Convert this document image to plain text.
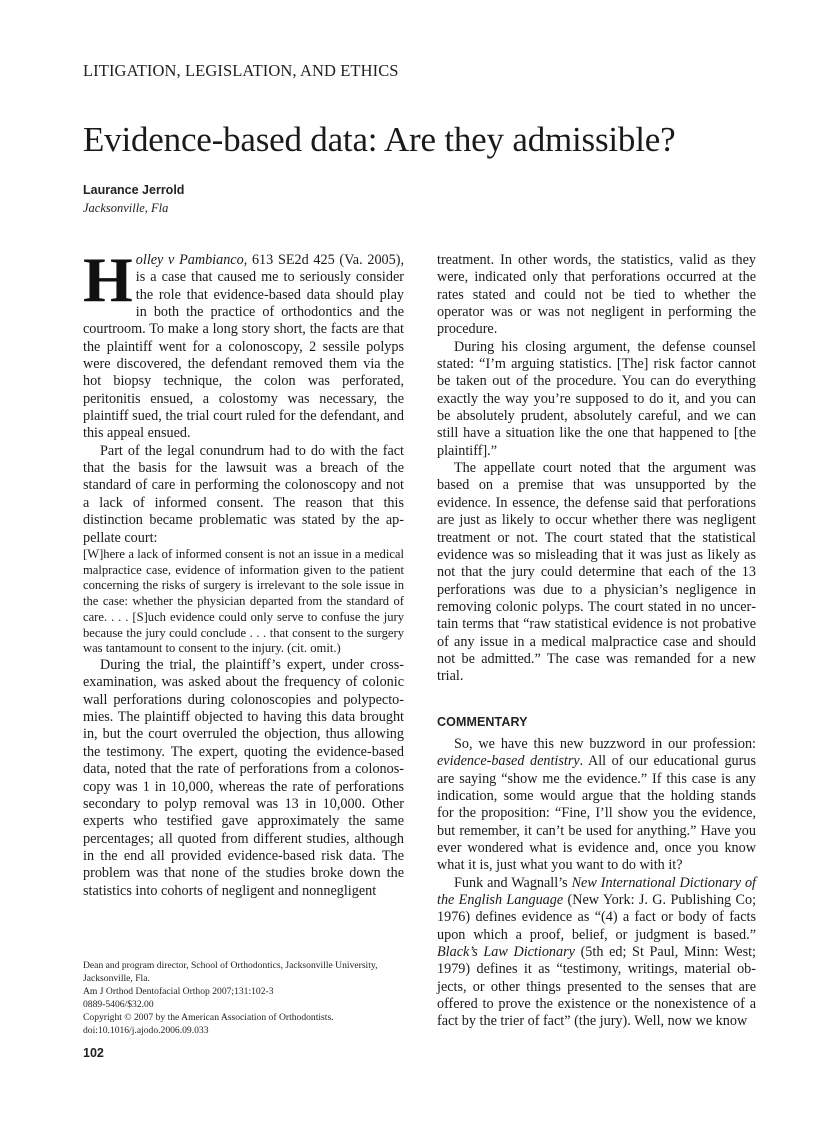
LITIGATION, LEGISLATION, AND ETHICS
Evidence-based data: Are they admissible?
Laurance Jerrold
Jacksonville, Fla

Holley v Pambianco, 613 SE2d 425 (Va. 2005), is a case that caused me to seriously consider the role that evidence-based data should play in both the practice of orthodontics and the courtroom. To make a long story short, the facts are that the plaintiff went for a colonoscopy, 2 sessile polyps were discovered, the defendant removed them via the hot biopsy technique, the colon was perforated, peritonitis ensued, a colostomy was necessary, the plaintiff sued, the trial court ruled for the defendant, and this appeal ensued.

Part of the legal conundrum had to do with the fact that the basis for the lawsuit was a breach of the standard of care in performing the colonoscopy and not a lack of informed consent. The reason that this distinction became problematic was stated by the appellate court:

[W]here a lack of informed consent is not an issue in a medical malpractice case, evidence of information given to the patient concerning the risks of surgery is irrelevant to the sole issue in the case: whether the physician departed from the standard of care. . . . [S]uch evidence could only serve to confuse the jury because the jury could conclude . . . that consent to the surgery was tantamount to consent to the injury. (cit. omit.)

During the trial, the plaintiff’s expert, under cross-examination, was asked about the frequency of colonic wall perforations during colonoscopies and polypectomies. The plaintiff objected to having this data brought in, but the court overruled the objection, thus allowing the testimony. The expert, quoting the evidence-based data, noted that the rate of perforations from a colonoscopy was 1 in 10,000, whereas the rate of perforations secondary to polyp removal was 13 in 10,000. Other experts who testified gave approximately the same percentages; all quoted from different studies, although in the end all provided evidence-based risk data. The problem was that none of the studies broke down the statistics into cohorts of negligent and nonnegligent

treatment. In other words, the statistics, valid as they were, indicated only that perforations occurred at the rates stated and could not be tied to whether the operator was or was not negligent in performing the procedure.

During his closing argument, the defense counsel stated: “I’m arguing statistics. [The] risk factor cannot be taken out of the procedure. You can do everything exactly the way you’re supposed to do it, and you can be absolutely prudent, absolutely careful, and we can still have a situation like the one that happened to [the plaintiff].”

The appellate court noted that the argument was based on a premise that was unsupported by the evidence. In essence, the defense said that perforations are just as likely to occur whether there was negligent treatment or not. The court stated that the statistical evidence was so misleading that it was just as likely as not that the jury could determine that each of the 13 perforations was due to a physician’s negligence in removing colonic polyps. The court stated in no uncertain terms that “raw statistical evidence is not probative of any issue in a medical malpractice case and should not be admitted.” The case was remanded for a new trial.

COMMENTARY

So, we have this new buzzword in our profession: evidence-based dentistry. All of our educational gurus are saying “show me the evidence.” If this case is any indication, some would argue that the holding stands for the proposition: “Fine, I’ll show you the evidence, but remember, it can’t be used for anything.” Have you ever wondered what is evidence and, once you know what it is, just what you want to do with it?

Funk and Wagnall’s New International Dictionary of the English Language (New York: J. G. Publishing Co; 1976) defines evidence as “(4) a fact or body of facts upon which a proof, belief, or judgment is based.” Black’s Law Dictionary (5th ed; St Paul, Minn: West; 1979) defines it as “testimony, writings, material objects, or other things presented to the senses that are offered to prove the existence or the nonexistence of a fact by the trier of fact” (the jury). Well, now we know

Dean and program director, School of Orthodontics, Jacksonville University,
Jacksonville, Fla.
Am J Orthod Dentofacial Orthop 2007;131:102-3
0889-5406/$32.00
Copyright © 2007 by the American Association of Orthodontists.
doi:10.1016/j.ajodo.2006.09.033
102
